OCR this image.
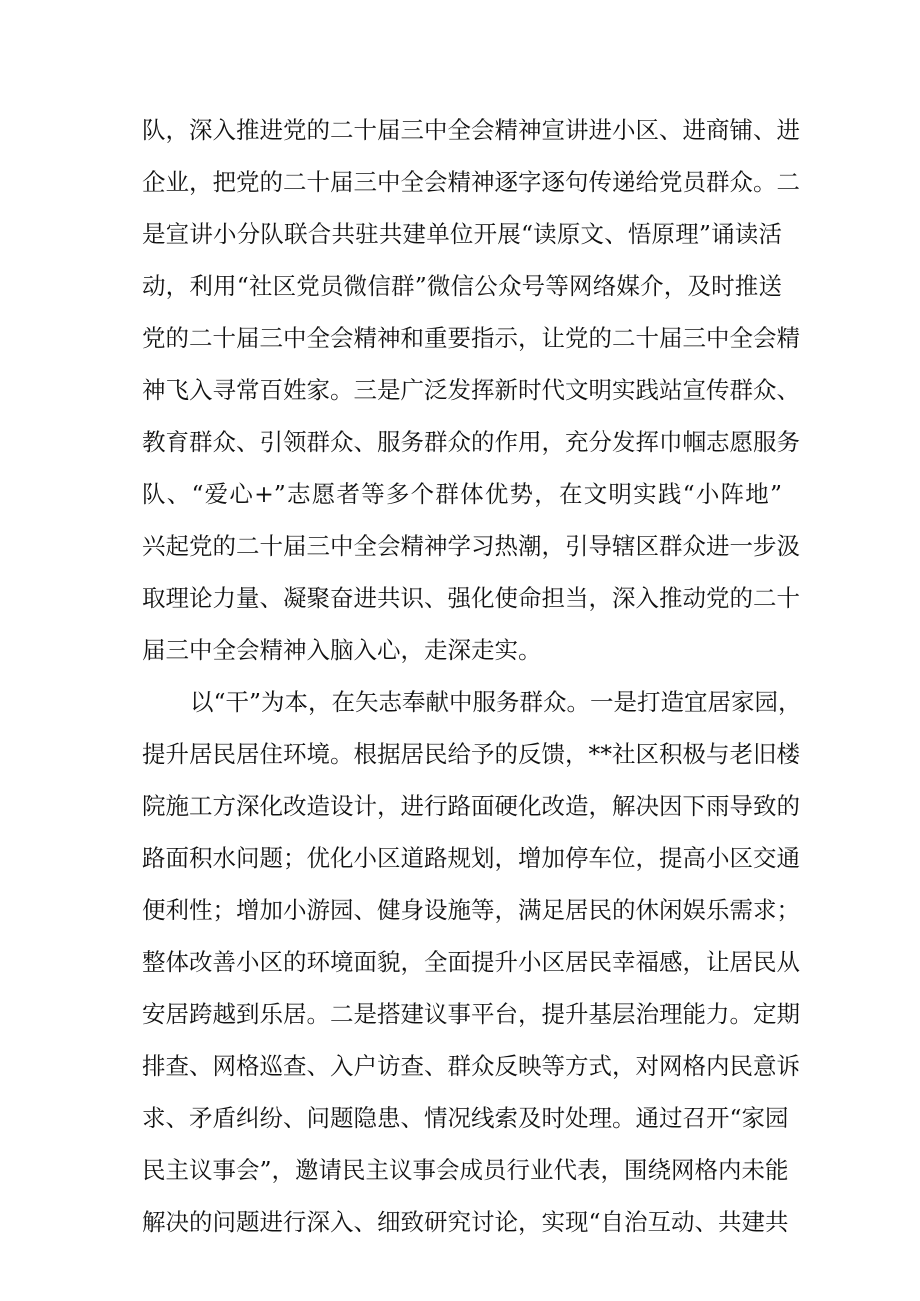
队，深入推进党的二十届三中全会精神宣讲进小区、进商铺、进
企业，把党的二十届三中全会精神逐字逐句传递给党员群众。二
是宣讲小分队联合共驻共建单位开展“读原文、悟原理”诵读活
动，利用“社区党员微信群”微信公众号等网络媒介，及时推送
党的二十届三中全会精神和重要指示，让党的二十届三中全会精
神飞入寻常百姓家。三是广泛发挥新时代文明实践站宣传群众、
教育群众、引领群众、服务群众的作用，充分发挥巾帼志愿服务
队、“爱心+”志愿者等多个群体优势，在文明实践“小阵地”
兴起党的二十届三中全会精神学习热潮，引导辖区群众进一步汲
取理论力量、凝聚奋进共识、强化使命担当，深入推动党的二十
届三中全会精神入脑入心，走深走实。
以“干”为本，在矢志奉献中服务群众。一是打造宜居家园，
提升居民居住环境。根据居民给予的反馈，**社区积极与老旧楼
院施工方深化改造设计，进行路面硬化改造，解决因下雨导致的
路面积水问题；优化小区道路规划，增加停车位，提高小区交通
便利性；增加小游园、健身设施等，满足居民的休闲娱乐需求；
整体改善小区的环境面貌，全面提升小区居民幸福感，让居民从
安居跨越到乐居。二是搭建议事平台，提升基层治理能力。定期
排查、网格巡查、入户访查、群众反映等方式，对网格内民意诉
求、矛盾纠纷、问题隐患、情况线索及时处理。通过召开“家园
民主议事会”，邀请民主议事会成员行业代表，围绕网格内未能
解决的问题进行深入、细致研究讨论，实现“自治互动、共建共
